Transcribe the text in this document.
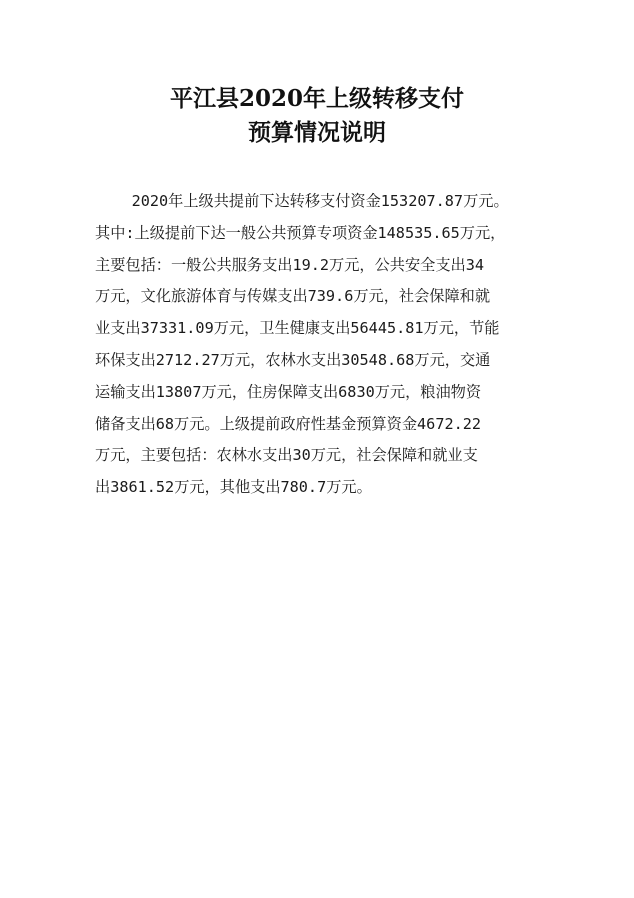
平江县2020年上级转移支付
预算情况说明
2020年上级共提前下达转移支付资金153207.87万元。
其中:上级提前下达一般公共预算专项资金148535.65万元，
主要包括：一般公共服务支出19.2万元，公共安全支出34
万元，文化旅游体育与传媒支出739.6万元，社会保障和就
业支出37331.09万元，卫生健康支出56445.81万元，节能
环保支出2712.27万元，农林水支出30548.68万元，交通
运输支出13807万元，住房保障支出6830万元，粮油物资
储备支出68万元。上级提前政府性基金预算资金4672.22
万元，主要包括：农林水支出30万元，社会保障和就业支
出3861.52万元，其他支出780.7万元。
